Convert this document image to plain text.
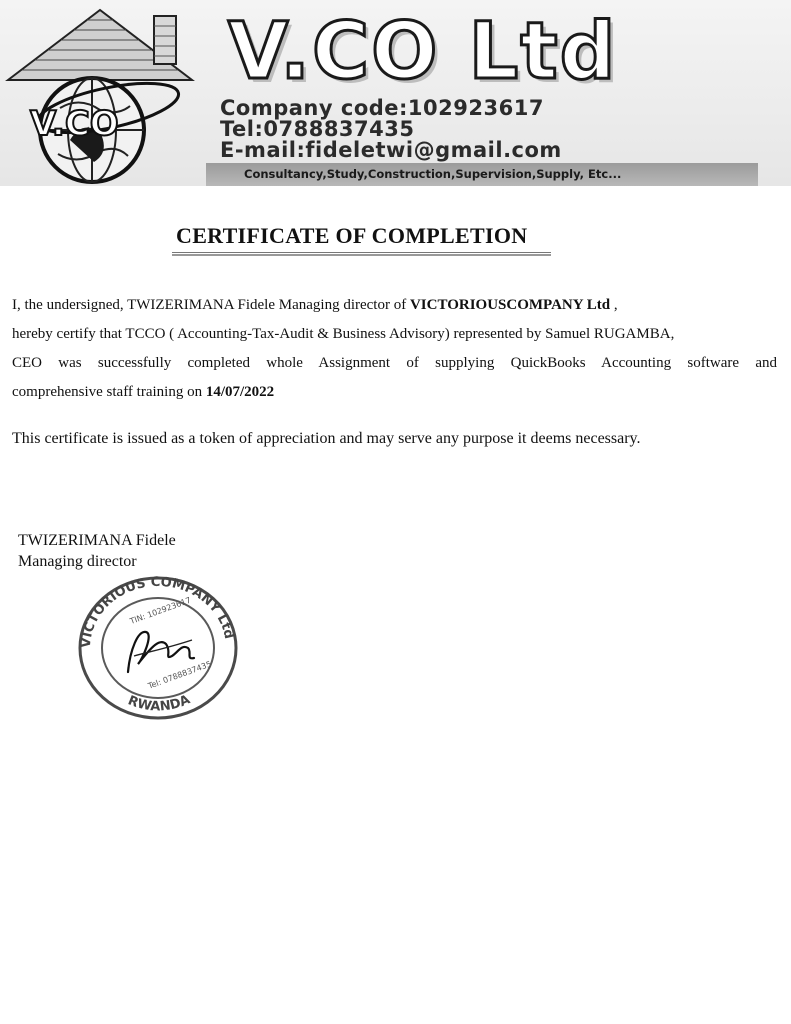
V.CO
V.CO Ltd
Company code:102923617
Tel:0788837435
E-mail:fideletwi@gmail.com
Consultancy,Study,Construction,Supervision,Supply, Etc...
CERTIFICATE OF COMPLETION
I, the undersigned, TWIZERIMANA Fidele Managing director of VICTORIOUSCOMPANY Ltd ,
hereby certify that TCCO ( Accounting-Tax-Audit & Business Advisory) represented by Samuel RUGAMBA,
CEO was successfully completed whole Assignment of supplying QuickBooks Accounting software and
comprehensive staff training on 14/07/2022
This certificate is issued as a token of appreciation and may serve any purpose it deems necessary.
TWIZERIMANA Fidele
Managing director
VICTORIOUS COMPANY Ltd
RWANDA
TIN: 102923617
Tel: 0788837435
